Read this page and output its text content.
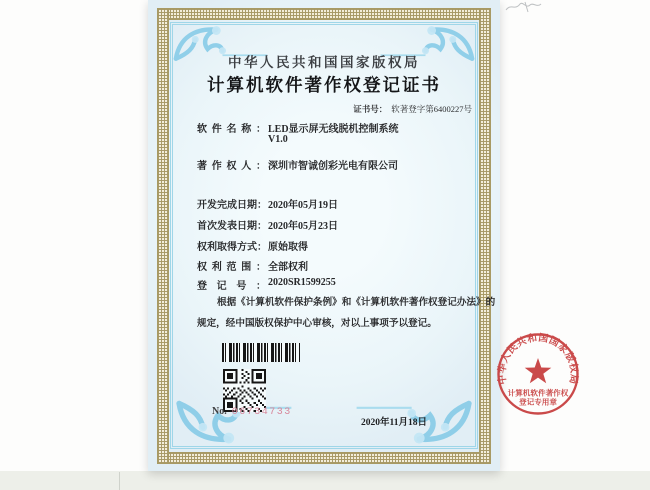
中华人民共和国国家版权局
计算机软件著作权登记证书
证书号： 软著登字第6400227号
软件名称： LED显示屏无线脱机控制系统
V1.0
著作权人： 深圳市智诚创彩光电有限公司
开发完成日期：2020年05月19日
首次发表日期：2020年05月23日
权利取得方式：原始取得
权利范围： 全部权利
登记号： 2020SR1599255
根据《计算机软件保护条例》和《计算机软件著作权登记办法》的
规定，经中国版权保护中心审核，对以上事项予以登记。
No. 06734733
中华人民共和国国家版权局
计算机软件著作权
登记专用章
2020年11月18日
